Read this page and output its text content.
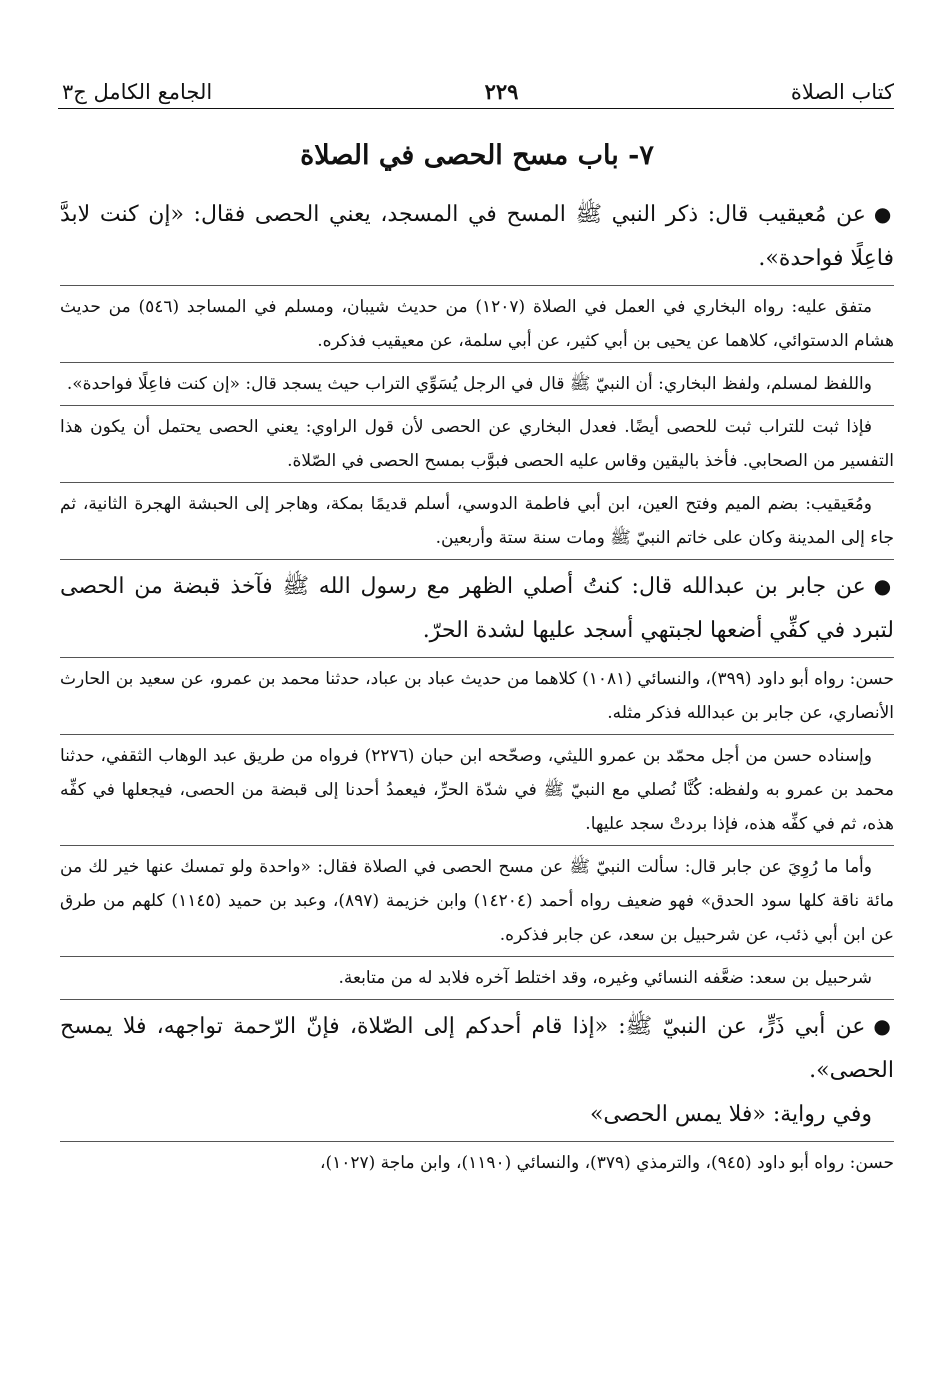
كتاب الصلاة
٢٢٩
الجامع الكامل ج٣
٧- باب مسح الحصى في الصلاة

●عن مُعيقيب قال: ذكر النبي ﷺ المسح في المسجد، يعني الحصى فقال: «إن كنت لابدَّ فاعِلًا فواحدة».

متفق عليه: رواه البخاري في العمل في الصلاة (١٢٠٧) من حديث شيبان، ومسلم في المساجد (٥٤٦) من حديث هشام الدستوائي، كلاهما عن يحيى بن أبي كثير، عن أبي سلمة، عن معيقيب فذكره.

واللفظ لمسلم، ولفظ البخاري: أن النبيّ ﷺ قال في الرجل يُسَوِّي التراب حيث يسجد قال: «إن كنت فاعِلًا فواحدة».

فإذا ثبت للتراب ثبت للحصى أيضًا. فعدل البخاري عن الحصى لأن قول الراوي: يعني الحصى يحتمل أن يكون هذا التفسير من الصحابي. فأخذ باليقين وقاس عليه الحصى فبوَّب بمسح الحصى في الصّلاة.

ومُعَيقيب: بضم الميم وفتح العين، ابن أبي فاطمة الدوسي، أسلم قديمًا بمكة، وهاجر إلى الحبشة الهجرة الثانية، ثم جاء إلى المدينة وكان على خاتم النبيّ ﷺ ومات سنة ستة وأربعين.

●عن جابر بن عبدالله قال: كنتُ أصلي الظهر مع رسول الله ﷺ فآخذ قبضة من الحصى لتبرد في كفِّي أضعها لجبتهي أسجد عليها لشدة الحرّ.

حسن: رواه أبو داود (٣٩٩)، والنسائي (١٠٨١) كلاهما من حديث عباد بن عباد، حدثنا محمد بن عمرو، عن سعيد بن الحارث الأنصاري، عن جابر بن عبدالله فذكر مثله.

وإسناده حسن من أجل محمّد بن عمرو الليثي، وصحّحه ابن حبان (٢٢٧٦) فرواه من طريق عبد الوهاب الثقفي، حدثنا محمد بن عمرو به ولفظه: كُنَّا نُصلي مع النبيّ ﷺ في شدّة الحرِّ، فيعمدُ أحدنا إلى قبضة من الحصى، فيجعلها في كفِّه هذه، ثم في كفِّه هذه، فإذا بردتْ سجد عليها.

وأما ما رُوِيَ عن جابر قال: سألت النبيّ ﷺ عن مسح الحصى في الصلاة فقال: «واحدة ولو تمسك عنها خير لك من مائة ناقة كلها سود الحدق» فهو ضعيف رواه أحمد (١٤٢٠٤) وابن خزيمة (٨٩٧)، وعبد بن حميد (١١٤٥) كلهم من طرق عن ابن أبي ذئب، عن شرحبيل بن سعد، عن جابر فذكره.

شرحبيل بن سعد: ضعَّفه النسائي وغيره، وقد اختلط آخره فلابد له من متابعة.

●عن أبي ذَرٍّ، عن النبيّ ﷺ: «إذا قام أحدكم إلى الصّلاة، فإنّ الرّحمة تواجهه، فلا يمسح الحصى».

وفي رواية: «فلا يمس الحصى»

حسن: رواه أبو داود (٩٤٥)، والترمذي (٣٧٩)، والنسائي (١١٩٠)، وابن ماجة (١٠٢٧)،
